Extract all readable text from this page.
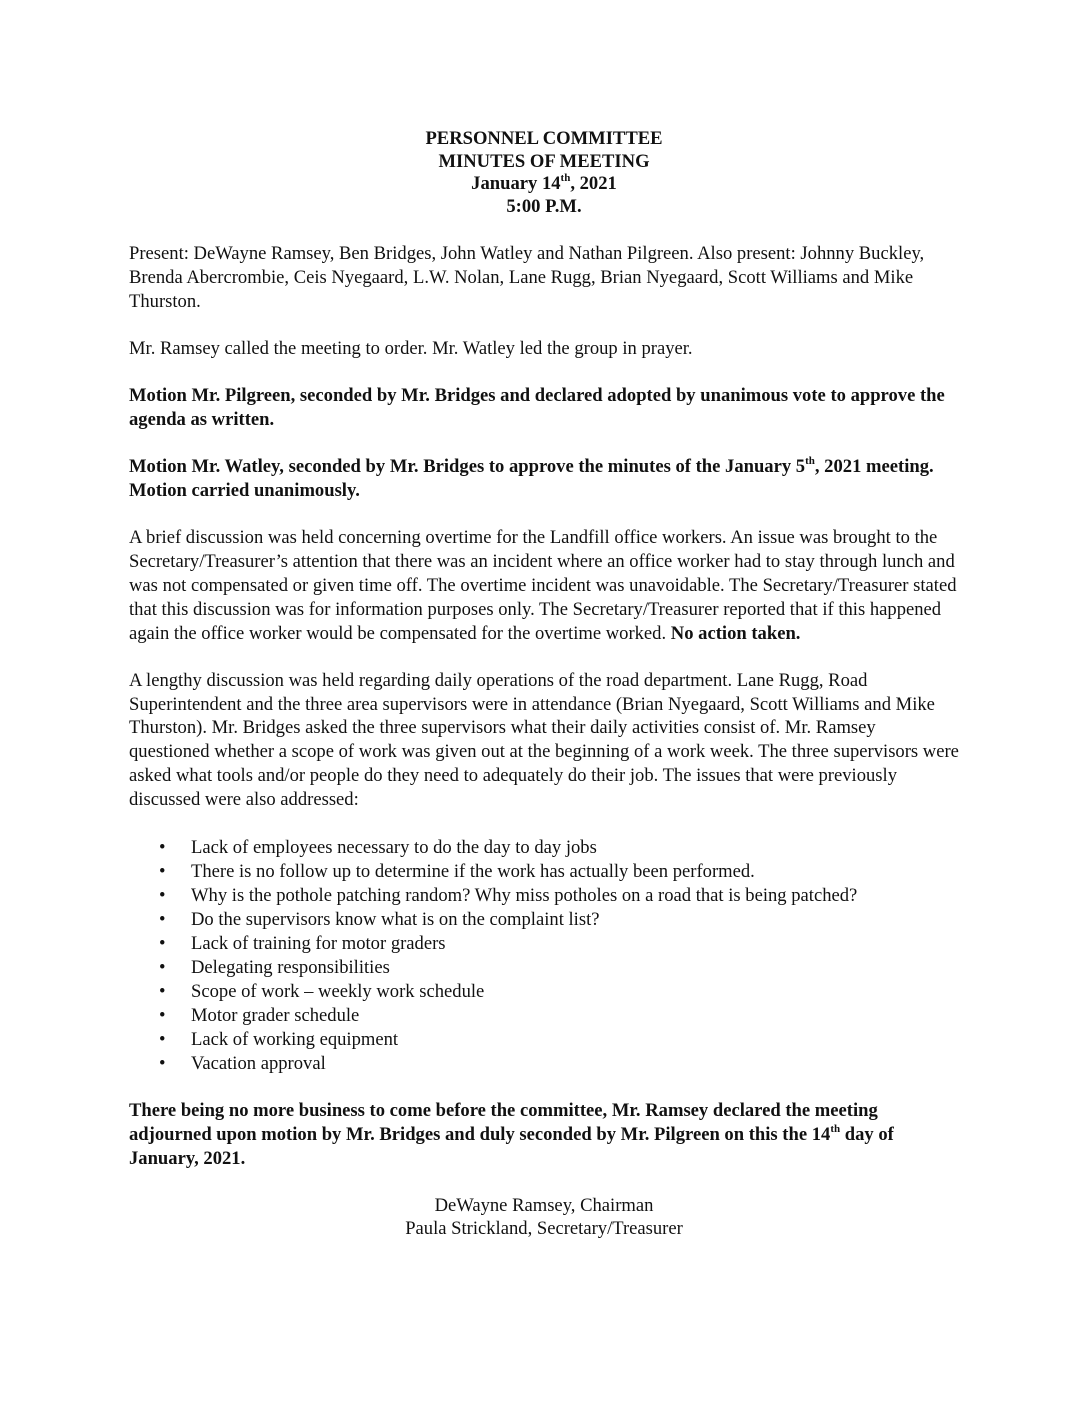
PERSONNEL COMMITTEE
MINUTES OF MEETING
January 14th, 2021
5:00 P.M.

Present: DeWayne Ramsey, Ben Bridges, John Watley and Nathan Pilgreen. Also present: Johnny Buckley, Brenda Abercrombie, Ceis Nyegaard, L.W. Nolan, Lane Rugg, Brian Nyegaard, Scott Williams and Mike Thurston.

Mr. Ramsey called the meeting to order. Mr. Watley led the group in prayer.

Motion Mr. Pilgreen, seconded by Mr. Bridges and declared adopted by unanimous vote to approve the agenda as written.

Motion Mr. Watley, seconded by Mr. Bridges to approve the minutes of the January 5th, 2021 meeting. Motion carried unanimously.

A brief discussion was held concerning overtime for the Landfill office workers. An issue was brought to the Secretary/Treasurer’s attention that there was an incident where an office worker had to stay through lunch and was not compensated or given time off. The overtime incident was unavoidable. The Secretary/Treasurer stated that this discussion was for information purposes only. The Secretary/Treasurer reported that if this happened again the office worker would be compensated for the overtime worked. No action taken.

A lengthy discussion was held regarding daily operations of the road department. Lane Rugg, Road Superintendent and the three area supervisors were in attendance (Brian Nyegaard, Scott Williams and Mike Thurston). Mr. Bridges asked the three supervisors what their daily activities consist of. Mr. Ramsey questioned whether a scope of work was given out at the beginning of a work week. The three supervisors were asked what tools and/or people do they need to adequately do their job. The issues that were previously discussed were also addressed:

• Lack of employees necessary to do the day to day jobs
• There is no follow up to determine if the work has actually been performed.
• Why is the pothole patching random? Why miss potholes on a road that is being patched?
• Do the supervisors know what is on the complaint list?
• Lack of training for motor graders
• Delegating responsibilities
• Scope of work – weekly work schedule
• Motor grader schedule
• Lack of working equipment
• Vacation approval

There being no more business to come before the committee, Mr. Ramsey declared the meeting adjourned upon motion by Mr. Bridges and duly seconded by Mr. Pilgreen on this the 14th day of January, 2021.

DeWayne Ramsey, Chairman
Paula Strickland, Secretary/Treasurer
